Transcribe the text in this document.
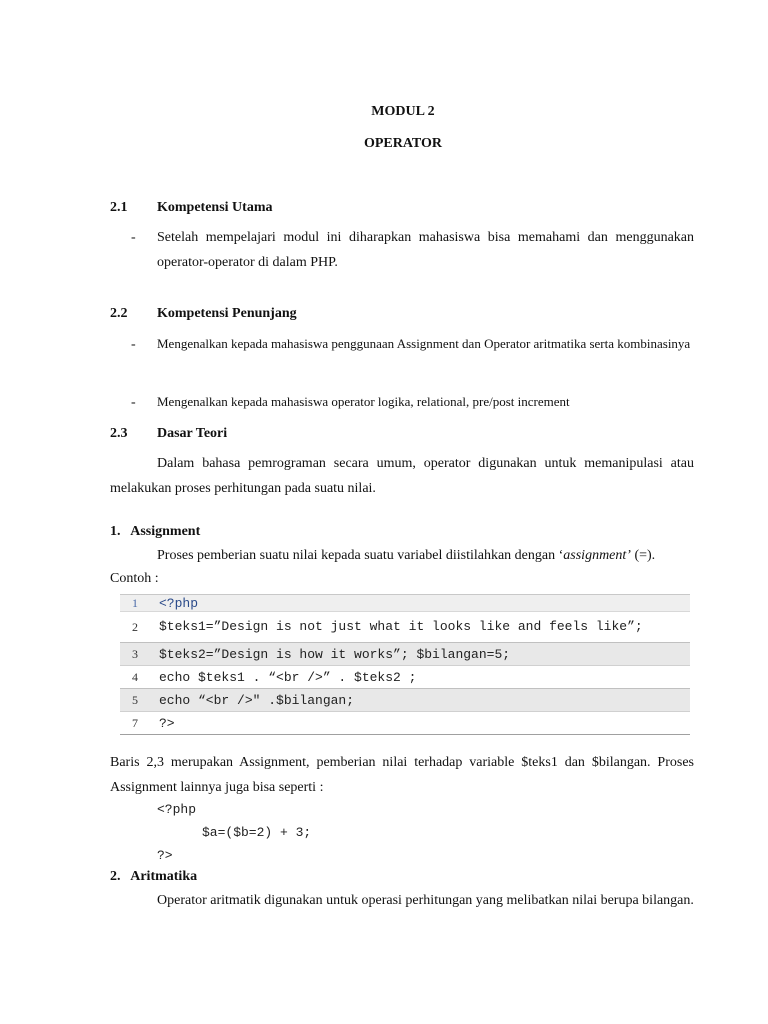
MODUL 2
OPERATOR
2.1 Kompetensi Utama
- Setelah mempelajari modul ini diharapkan mahasiswa bisa memahami dan menggunakan operator-operator di dalam PHP.
2.2 Kompetensi Penunjang
- Mengenalkan kepada mahasiswa penggunaan Assignment dan Operator aritmatika serta kombinasinya
- Mengenalkan kepada mahasiswa operator logika, relational, pre/post increment
2.3 Dasar Teori
Dalam bahasa pemrograman secara umum, operator digunakan untuk memanipulasi atau melakukan proses perhitungan pada suatu nilai.
1.   Assignment
Proses pemberian suatu nilai kepada suatu variabel diistilahkan dengan ‘assignment’ (=).
Contoh :
1	<?php
2	$teks1=”Design is not just what it looks like and feels like”;
3	$teks2=”Design is how it works”; $bilangan=5;
4	echo $teks1 . “<br />” . $teks2 ;
5	echo “<br />" .$bilangan;
7	?>
Baris 2,3 merupakan Assignment, pemberian nilai terhadap variable $teks1 dan $bilangan. Proses Assignment lainnya juga bisa seperti :
<?php
$a=($b=2) + 3;
?>
2.   Aritmatika
Operator aritmatik digunakan untuk operasi perhitungan yang melibatkan nilai berupa bilangan.
